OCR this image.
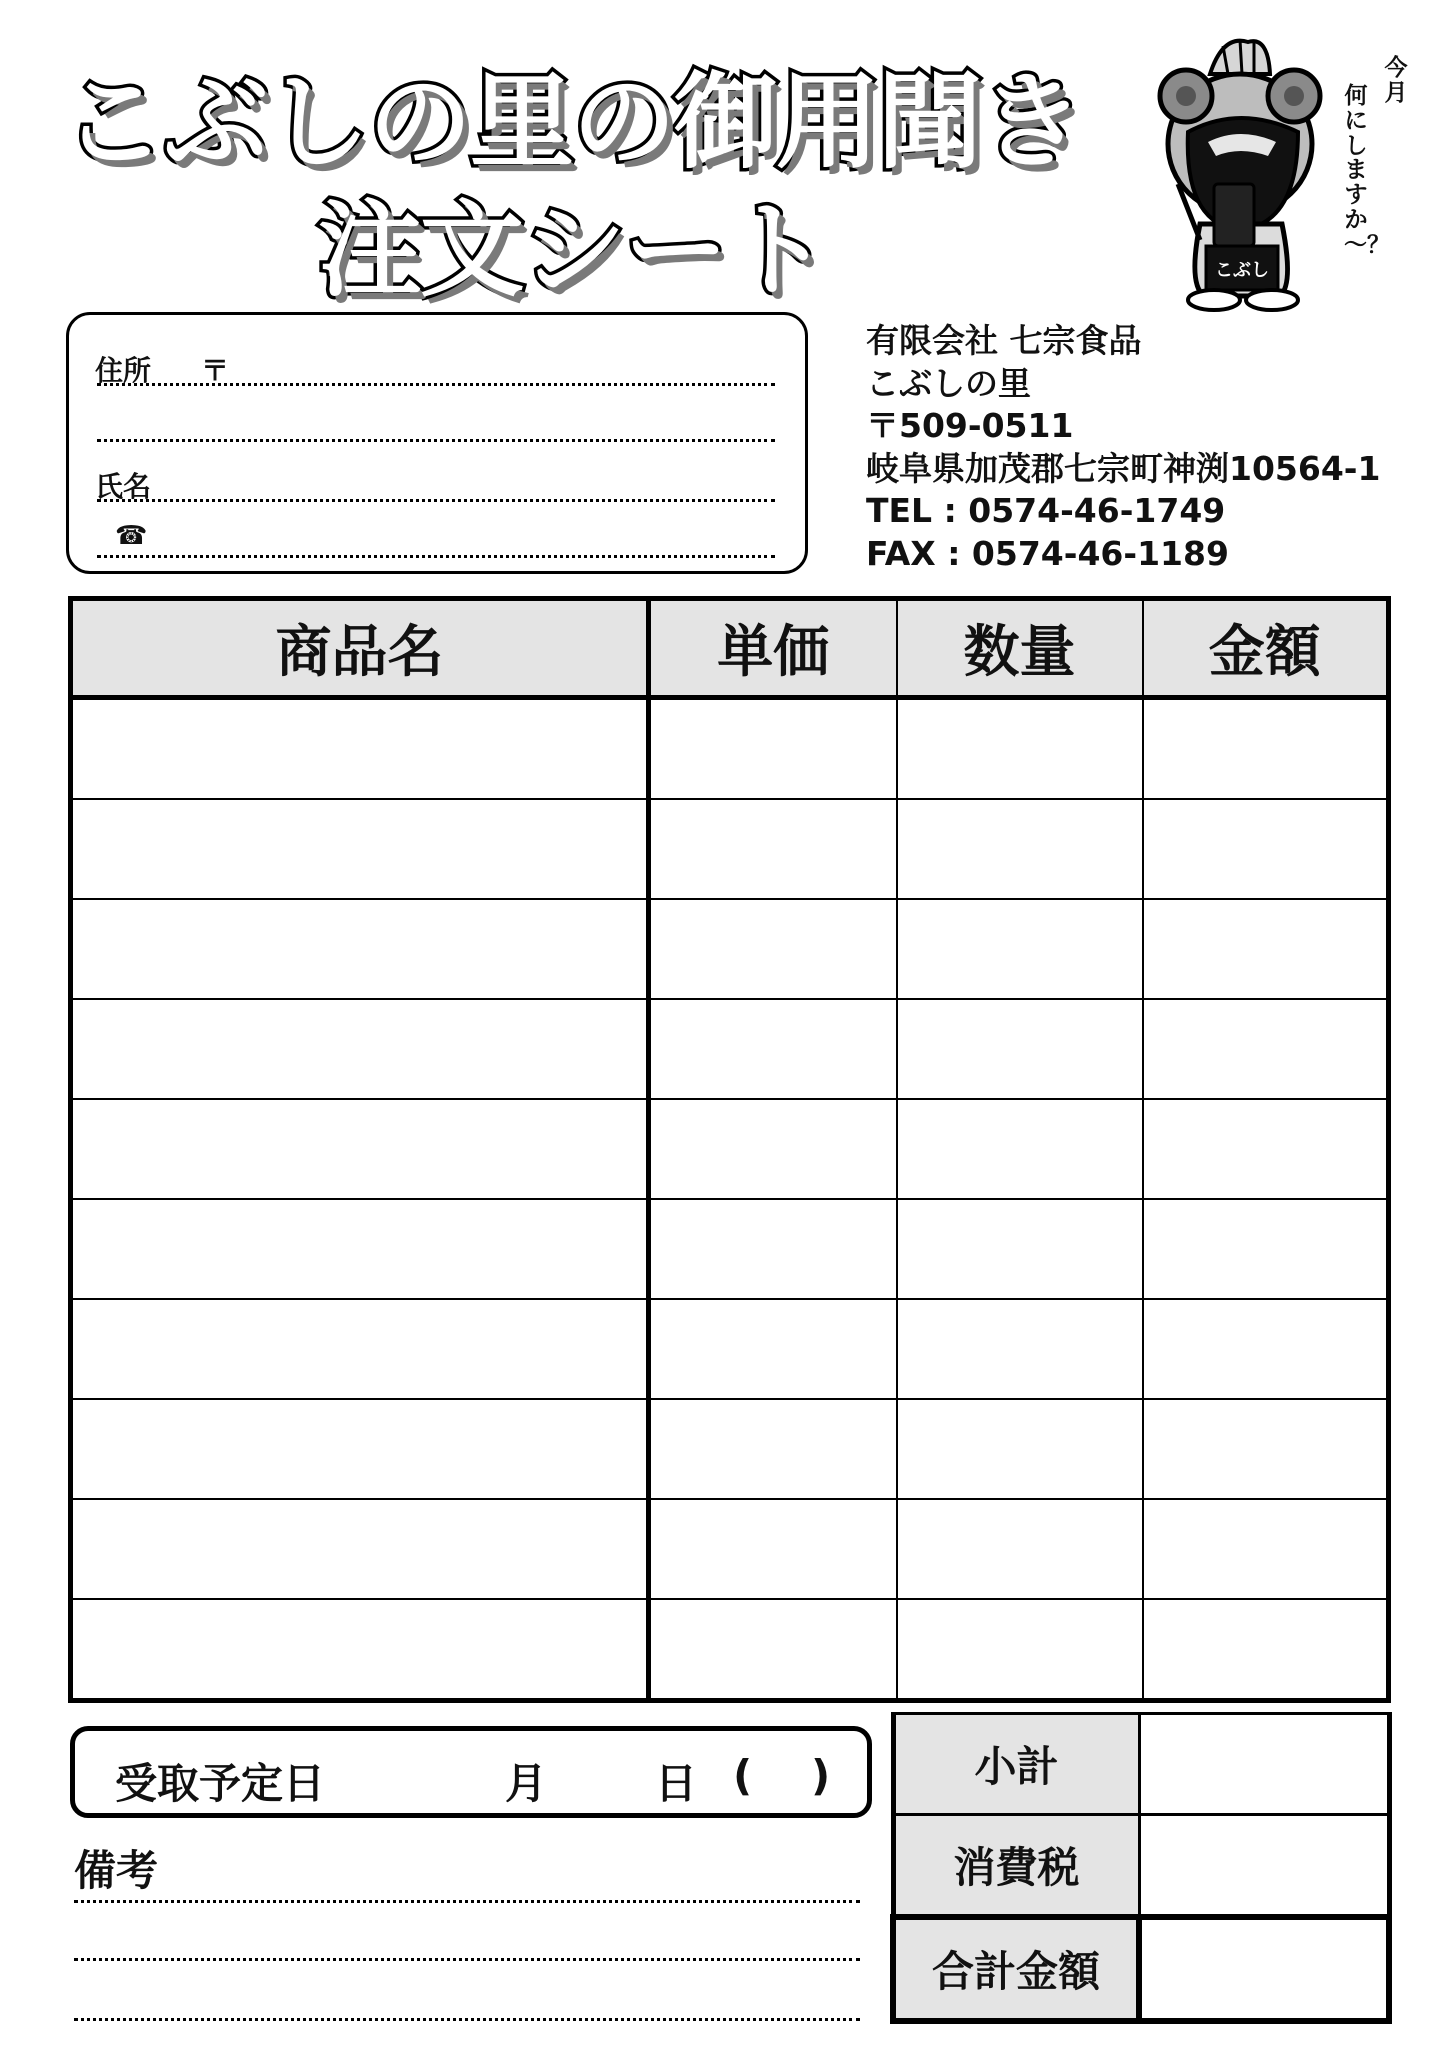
こぶしの里の御用聞き
注文シート	こぶし
今月
何にしますか～？
住所 〒
氏名
☎
有限会社 七宗食品
こぶしの里
〒509-0511
岐阜県加茂郡七宗町神渕10564-1
TEL : 0574-46-1749
FAX : 0574-46-1189
商品名	単価	数量	金額

受取予定日	月	日 ( )
備考
小計	
消費税	
合計金額	
